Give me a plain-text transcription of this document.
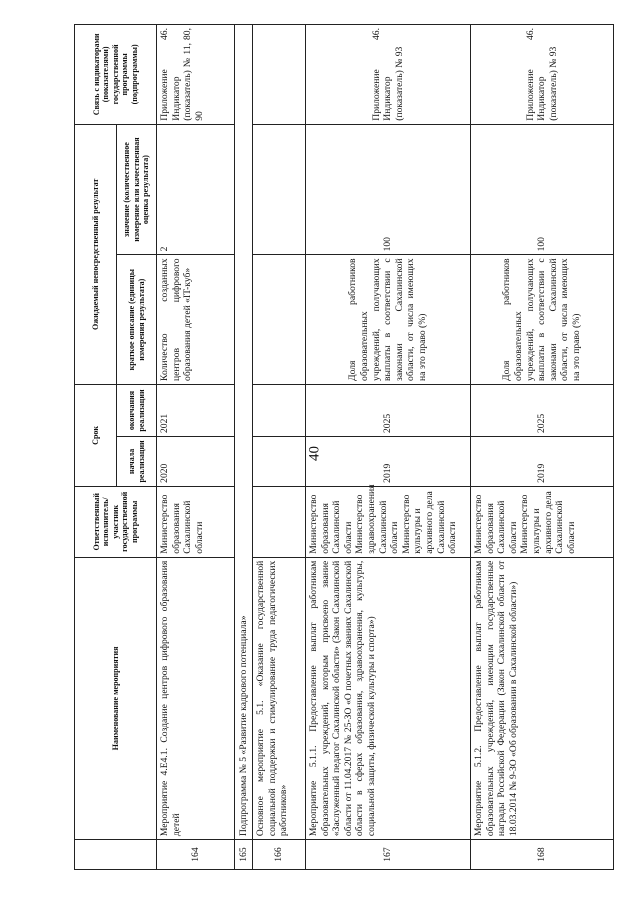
40
	Наименование мероприятия	Ответственный исполнитель/участник государственной программы	Срок		Ожидаемый непосредственный результат		Связь с индикаторами (показателями) государственной программы (подпрограммы)
			начала реализации	окончания реализации	краткое описание (единицы измерения результата)	значение (количественное измерение или качественная оценка результата)	
164	Мероприятие 4.Е4.1. Создание центров цифрового образования детей	Министерство образования Сахалинской области	2020	2021	Количество созданных центров цифрового образования детей «IT-куб»	2	Приложение 46. Индикатор (показатель) № 11, 80, 90
165	Подпрограмма № 5 «Развитие кадрового потенциала»						
166	Основное мероприятие 5.1. «Оказание государственной социальной поддержки и стимулирование труда педагогических работников»						
167	Мероприятие 5.1.1. Предоставление выплат работникам образовательных учреждений, которым присвоено звание «Заслуженный педагог Сахалинской области» (Закон Сахалинской области от 11.04.2017 № 25-ЗО «О почетных званиях Сахалинской области в сферах образования, здравоохранения, культуры, социальной защиты, физической культуры и спорта»)	Министерство образования Сахалинской области Министерство здравоохранения Сахалинской области Министерство культуры и архивного дела Сахалинской области	2019	2025	Доля работников образовательных учреждений, получающих выплаты в соответствии с законами Сахалинской области, от числа имеющих на это право (%)	100	Приложение 46. Индикатор (показатель) № 93
168	Мероприятие 5.1.2. Предоставление выплат работникам образовательных учреждений, имеющим государственные награды Российской Федерации (Закон Сахалинской области от 18.03.2014 № 9-ЗО «Об образовании в Сахалинской области»)	Министерство образования Сахалинской области Министерство культуры и архивного дела Сахалинской области	2019	2025	Доля работников образовательных учреждений, получающих выплаты в соответствии с законами Сахалинской области, от числа имеющих на это право (%)	100	Приложение 46. Индикатор (показатель) № 93
